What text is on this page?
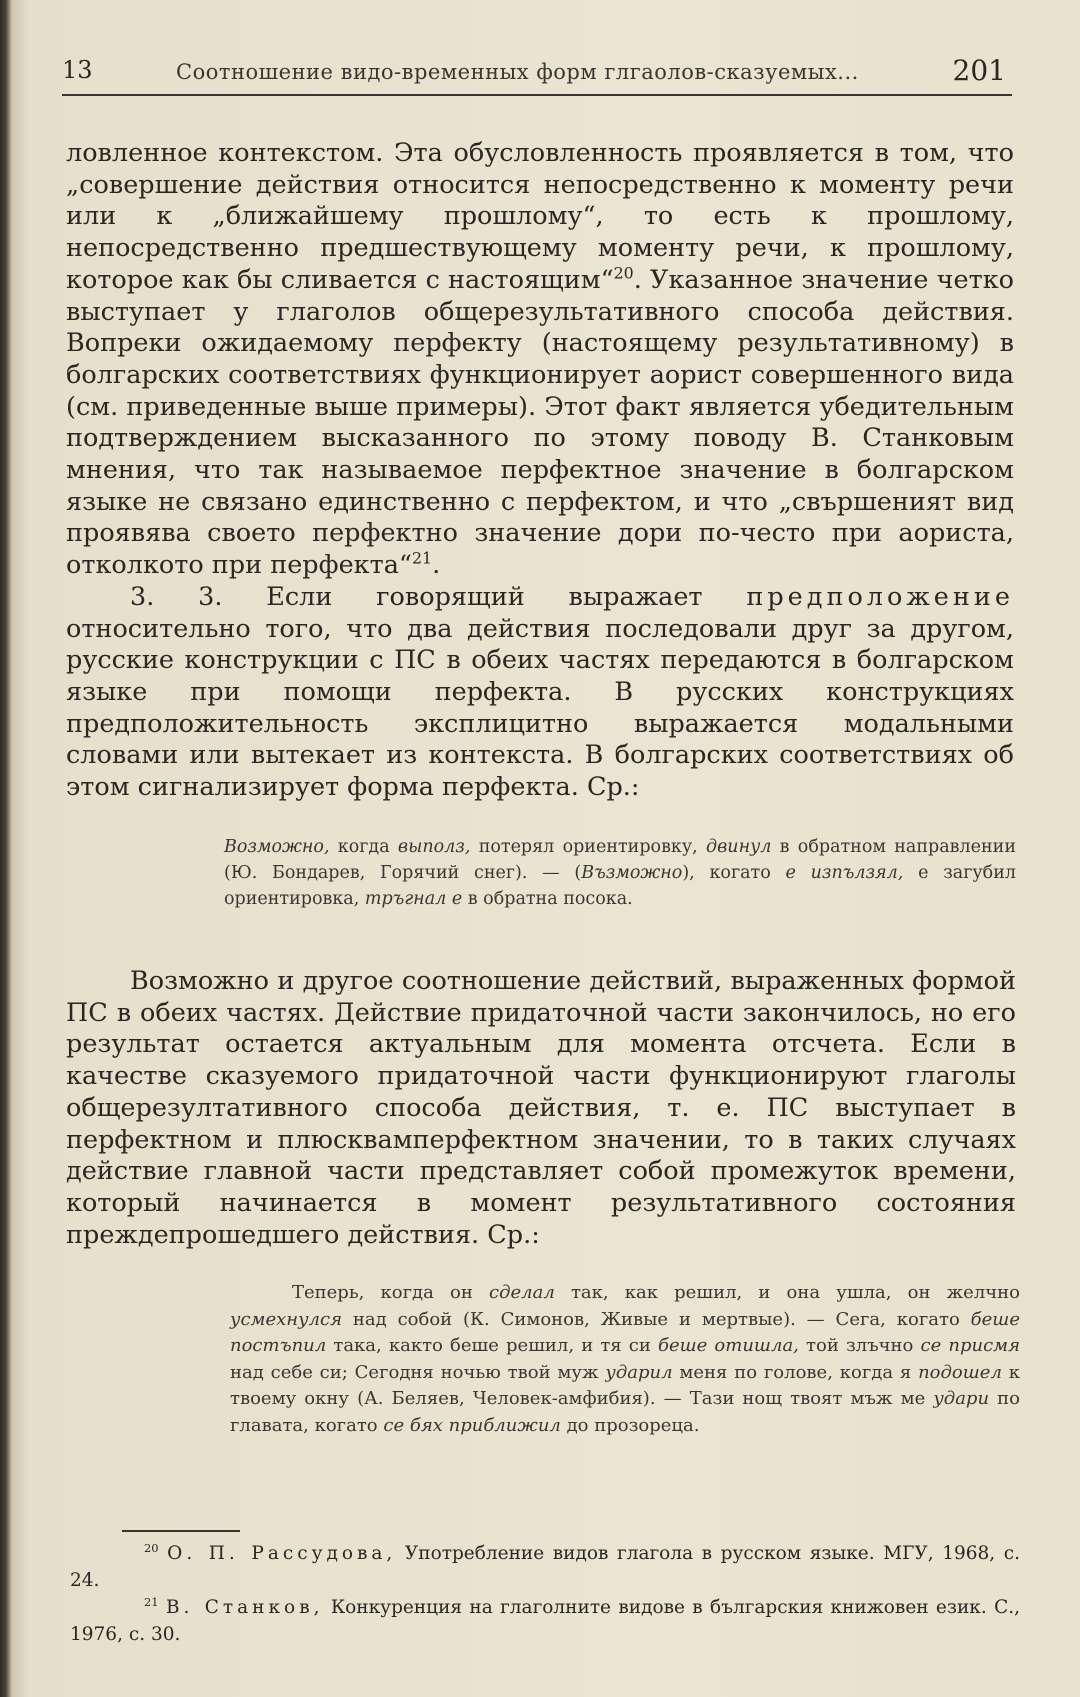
13	Соотношение видо-временных форм глгаолов-сказуемых...	201

ловленное контекстом. Эта обусловленность проявляется в том, что „совершение действия относится непосредственно к моменту речи или к „ближайшему прошлому“, то есть к прошлому, непосредственно предшествующему моменту речи, к прошлому, которое как бы сливается с настоящим“$^{20}$. Указанное значение четко выступает у глаголов общерезультативного способа действия. Вопреки ожидаемому перфекту (настоящему результативному) в болгарских соответствиях функционирует аорист совершенного вида (см. приведенные выше примеры). Этот факт является убедительным подтверждением высказанного по этому поводу В. Станковым мнения, что так называемое перфектное значение в болгарском языке не связано единственно с перфектом, и что „свършеният вид проявява своето перфектно значение дори по-често при аориста, отколкото при перфекта“$^{21}$.

3. 3. Если говорящий выражает предположение относительно того, что два действия последовали друг за другом, русские конструкции с ПС в обеих частях передаются в болгарском языке при помощи перфекта. В русских конструкциях предположительность эксплицитно выражается модальными словами или вытекает из контекста. В болгарских соответствиях об этом сигнализирует форма перфекта. Ср.:

Возможно, когда выполз, потерял ориентировку, двинул в обратном направлении (Ю. Бондарев, Горячий снег). — (Възможно), когато е изпълзял, е загубил ориентировка, тръгнал е в обратна посока.

Возможно и другое соотношение действий, выраженных формой ПС в обеих частях. Действие придаточной части закончилось, но его результат остается актуальным для момента отсчета. Если в качестве сказуемого придаточной части функционируют глаголы общерезултативного способа действия, т. е. ПС выступает в перфектном и плюсквамперфектном значении, то в таких случаях действие главной части представляет собой промежуток времени, который начинается в момент результативного состояния преждепрошедшего действия. Ср.:

Теперь, когда он сделал так, как решил, и она ушла, он желчно усмехнулся над собой (К. Симонов, Живые и мертвые). — Сега, когато беше постъпил така, както беше решил, и тя си беше отишла, той злъчно се присмя над себе си; Сегодня ночью твой муж ударил меня по голове, когда я подошел к твоему окну (А. Беляев, Человек-амфибия). — Тази нощ твоят мъж ме удари по главата, когато се бях приближил до прозореца.
$^{20}$ О. П. Рассудова, Употребление видов глагола в русском языке. МГУ, 1968, с. 24.
$^{21}$ В. Станков, Конкуренция на глаголните видове в българския книжовен език. С., 1976, с. 30.
